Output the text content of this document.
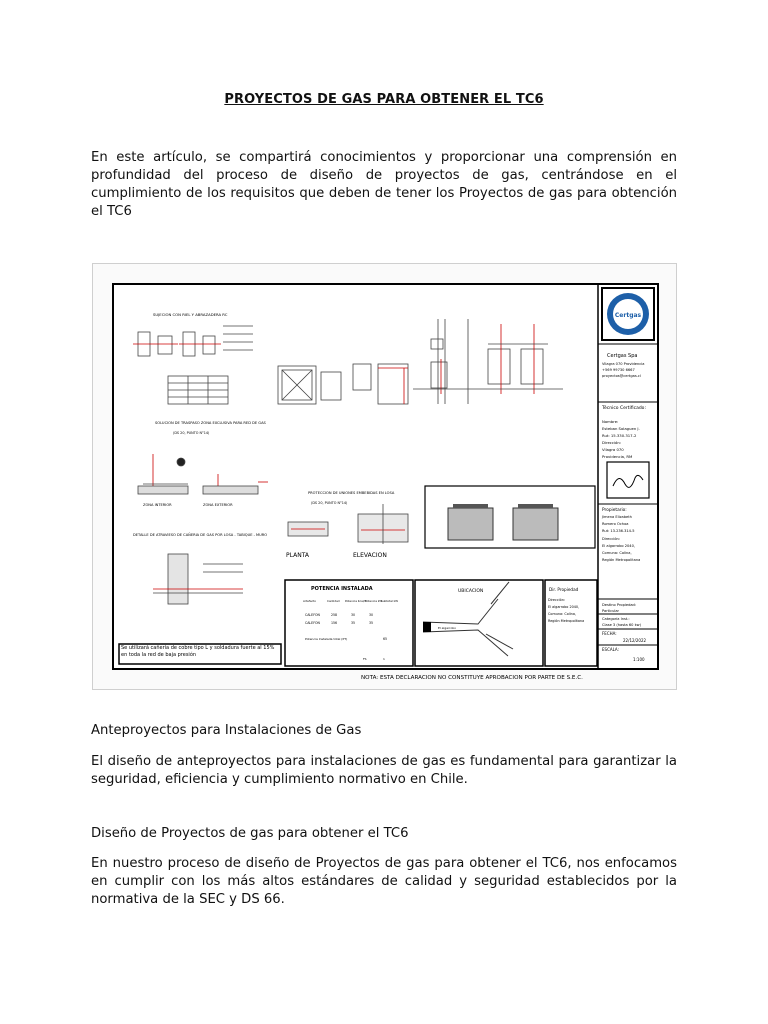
PROYECTOS DE GAS PARA OBTENER EL TC6

En este artículo, se compartirá conocimientos y proporcionar una comprensión en profundidad del proceso de diseño de proyectos de gas, centrándose en el cumplimiento de los requisitos que deben de tener los Proyectos de gas para obtención el TC6

Certgas
Certgas Spa
Vilagra 070 Providencia
+569 99730 6667
proyectos@certgas.cl
Técnico Certificado:
Nombre:
Esteban Solaguen J.
Rut: 15.330.317-2
Dirección:
Vilagra 070
Providencia, RM
Propietario:
Jimena Elizabeth
Romero Ochoa
Rut: 13.236.314-5
Dirección:
El algarrobo 2040,
Comuna: Colina,
Región Metropolitana
Destino Propiedad:
Particular
Categoría Inst.:
Clase 3 (hasta 60 kw)
FECHA:
22/12/2022
ESCALA:
1:100
SUJECION CON RIEL Y ABRAZADERA RC
SOLUCION DE TRASPASO ZONA EXCLUSIVA PARA RED DE GAS
(DS 20, PUNTO N°14)
ZONA INTERIOR	ZONA EXTERIOR
DETALLE DE ATRAVIESO DE CAÑERIA DE GAS POR LOSA - TABIQUE - MURO
PROTECCION DE UNIONES EMBEBIDAS EN LOSA
(DS 20, PUNTO N°14)
PLANTA	ELEVACION
POTENCIA INSTALADA
Artefacto	Cantidad Potencia Kcal/h
Potencia kW
Subtotal kW
CALEFON	258	30	30
CALEFON	156	35	35
Potencia Instalada total (PT)	65
FS	1
UBICACION
El algarrobo
Dir. Propiedad
Dirección:
El algarrobo 2040,
Comuna: Colina,
Región Metropolitana
Se utilizará cañería de cobre tipo L y soldadura fuerte al 15% en toda la red de baja presión
NOTA: ESTA DECLARACION NO CONSTITUYE APROBACION POR PARTE DE S.E.C.

Anteproyectos para Instalaciones de Gas

El diseño de anteproyectos para instalaciones de gas es fundamental para garantizar la seguridad, eficiencia y cumplimiento normativo en Chile.

Diseño de Proyectos de gas para obtener el TC6

En nuestro proceso de diseño de Proyectos de gas para obtener el TC6, nos enfocamos en cumplir con los más altos estándares de calidad y seguridad establecidos por la normativa de la SEC y DS 66.
